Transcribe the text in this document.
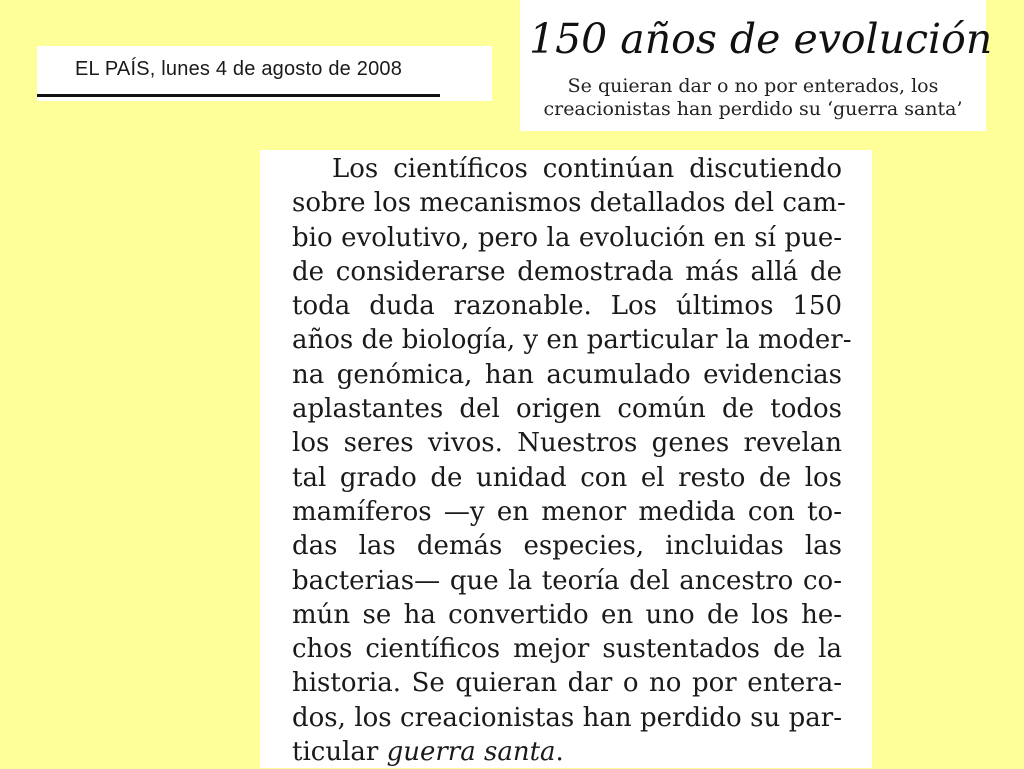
EL PAÍS, lunes 4 de agosto de 2008
150 años de evolución
Se quieran dar o no por enterados, los
creacionistas han perdido su ‘guerra santa’

Los científicos continúan discutiendo
sobre los mecanismos detallados del cam-
bio evolutivo, pero la evolución en sí pue-
de considerarse demostrada más allá de
toda duda razonable. Los últimos 150
años de biología, y en particular la moder-
na genómica, han acumulado evidencias
aplastantes del origen común de todos
los seres vivos. Nuestros genes revelan
tal grado de unidad con el resto de los
mamíferos —y en menor medida con to-
das las demás especies, incluidas las
bacterias— que la teoría del ancestro co-
mún se ha convertido en uno de los he-
chos científicos mejor sustentados de la
historia. Se quieran dar o no por entera-
dos, los creacionistas han perdido su par-
ticular guerra santa.
